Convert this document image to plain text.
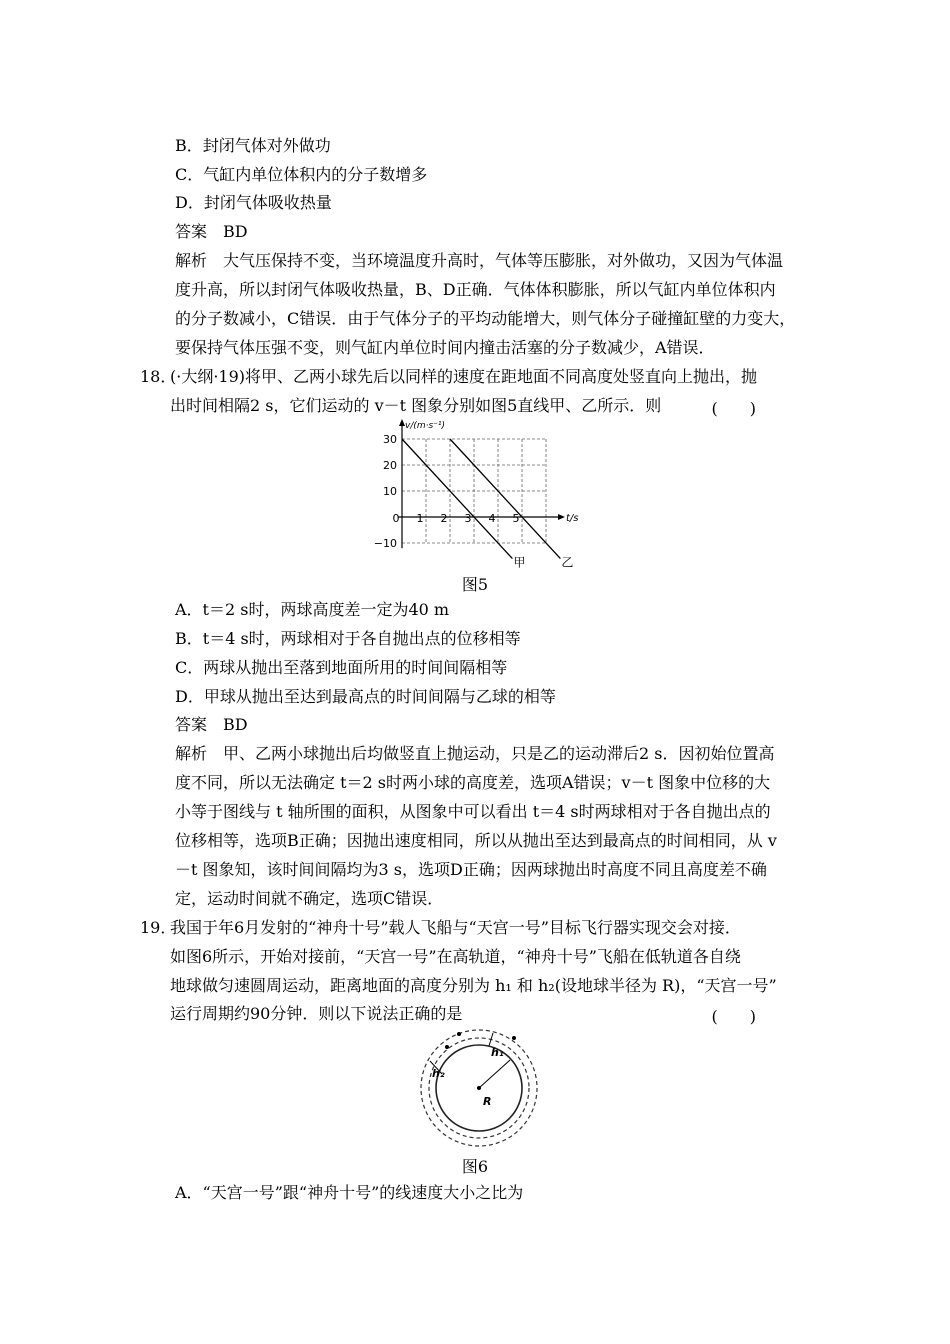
B．封闭气体对外做功
C．气缸内单位体积内的分子数增多
D．封闭气体吸收热量
答案　BD
解析　大气压保持不变，当环境温度升高时，气体等压膨胀，对外做功，又因为气体温
度升高，所以封闭气体吸收热量，B、D正确．气体体积膨胀，所以气缸内单位体积内
的分子数减小，C错误．由于气体分子的平均动能增大，则气体分子碰撞缸壁的力变大，
要保持气体压强不变，则气缸内单位时间内撞击活塞的分子数减少，A错误．
18．
(·大纲·19)将甲、乙两小球先后以同样的速度在距地面不同高度处竖直向上抛出，抛
出时间相隔2 s，它们运动的 v－t 图象分别如图5直线甲、乙所示．则	(　　)
甲	乙
30
20
10
−10
0 1 2 3 4 5
v/(m·s⁻¹)
t/s
图5
A．t＝2 s时，两球高度差一定为40 m
B．t＝4 s时，两球相对于各自抛出点的位移相等
C．两球从抛出至落到地面所用的时间间隔相等
D．甲球从抛出至达到最高点的时间间隔与乙球的相等
答案　BD
解析　甲、乙两小球抛出后均做竖直上抛运动，只是乙的运动滞后2 s．因初始位置高
度不同，所以无法确定 t＝2 s时两小球的高度差，选项A错误；v－t 图象中位移的大
小等于图线与 t 轴所围的面积，从图象中可以看出 t＝4 s时两球相对于各自抛出点的
位移相等，选项B正确；因抛出速度相同，所以从抛出至达到最高点的时间相同，从 v
－t 图象知，该时间间隔均为3 s，选项D正确；因两球抛出时高度不同且高度差不确
定，运动时间就不确定，选项C错误．
19．
我国于年6月发射的“神舟十号”载人飞船与“天宫一号”目标飞行器实现交会对接．
如图6所示，开始对接前，“天宫一号”在高轨道，“神舟十号”飞船在低轨道各自绕
地球做匀速圆周运动，距离地面的高度分别为 h₁ 和 h₂(设地球半径为 R)，“天宫一号”
运行周期约90分钟．则以下说法正确的是	(　　)
h₁
h₂
R
图6
A．“天宫一号”跟“神舟十号”的线速度大小之比为
